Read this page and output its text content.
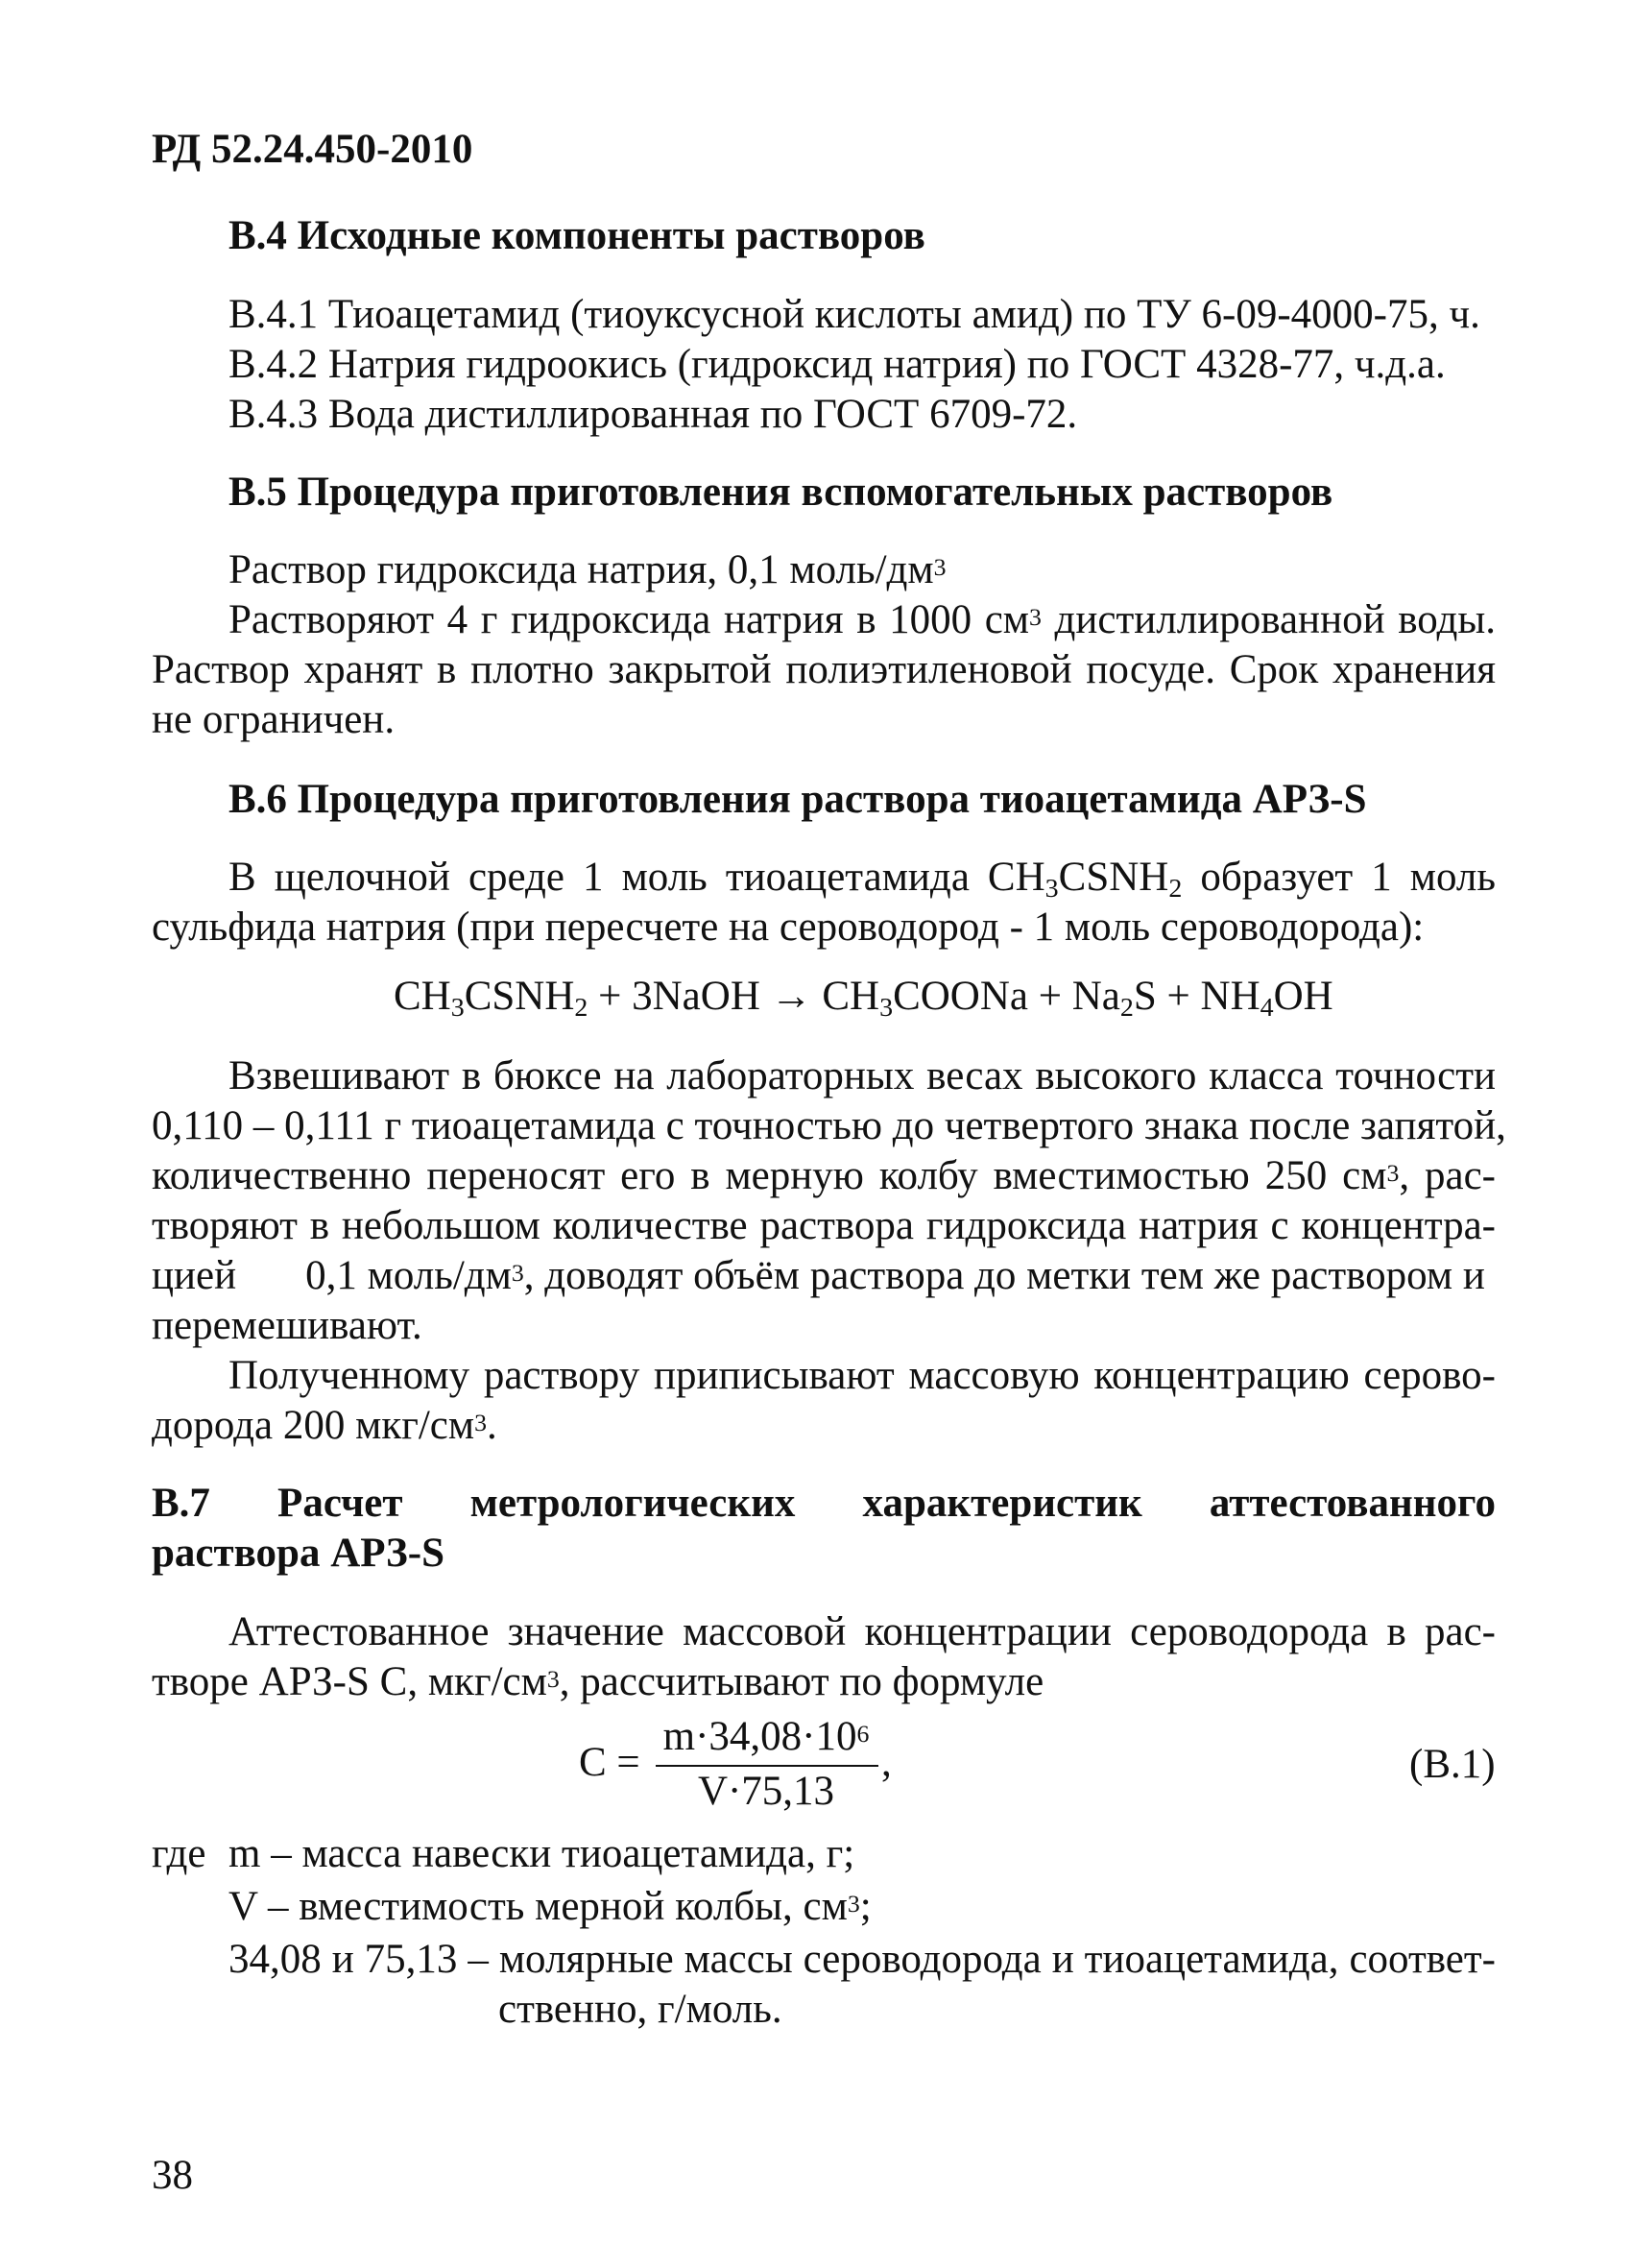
РД 52.24.450-2010
В.4 Исходные компоненты растворов
В.4.1 Тиоацетамид (тиоуксусной кислоты амид) по ТУ 6-09-4000-75, ч.
В.4.2 Натрия гидроокись (гидроксид натрия) по ГОСТ 4328-77, ч.д.а.
В.4.3 Вода дистиллированная по ГОСТ 6709-72.
В.5 Процедура приготовления вспомогательных растворов
Раствор гидроксида натрия, 0,1 моль/$дм^3$
Растворяют 4 г гидроксида натрия в 1000 $см^3$ дистиллированной воды.
Раствор хранят в плотно закрытой полиэтиленовой посуде. Срок хранения
не ограничен.
В.6 Процедура приготовления раствора тиоацетамида АРЗ-S
В щелочной среде 1 моль тиоацетамида $CH_3CSNH_2$ образует 1 моль
сульфида натрия (при пересчете на сероводород - 1 моль сероводорода):
$CH_3CSNH_2$ + 3NaOH → $CH_3COONa + Na_2S + NH_4OH$
Взвешивают в бюксе на лабораторных весах высокого класса точности
0,110 – 0,111 г тиоацетамида с точностью до четвертого знака после запятой,
количественно переносят его в мерную колбу вместимостью 250 $см^3$, рас-
творяют в небольшом количестве раствора гидроксида натрия с концентра-
цией 0,1 моль/$дм^3$, доводят объём раствора до метки тем же раствором и
перемешивают.
Полученному раствору приписывают массовую концентрацию серово-
дорода 200 мкг/$см^3$.
В.7 Расчет метрологических характеристик аттестованного
раствора АРЗ-S
Аттестованное значение массовой концентрации сероводорода в рас-
творе АРЗ-S С, мкг/$см^3$, рассчитывают по формуле
С =
$m\cdot 34,08\cdot 10^6$
V·75,13
,	(В.1)
где m – масса навески тиоацетамида, г;
V – вместимость мерной колбы, $см^3$;
34,08 и 75,13 – молярные массы сероводорода и тиоацетамида, соответ-
ственно, г/моль.
38
